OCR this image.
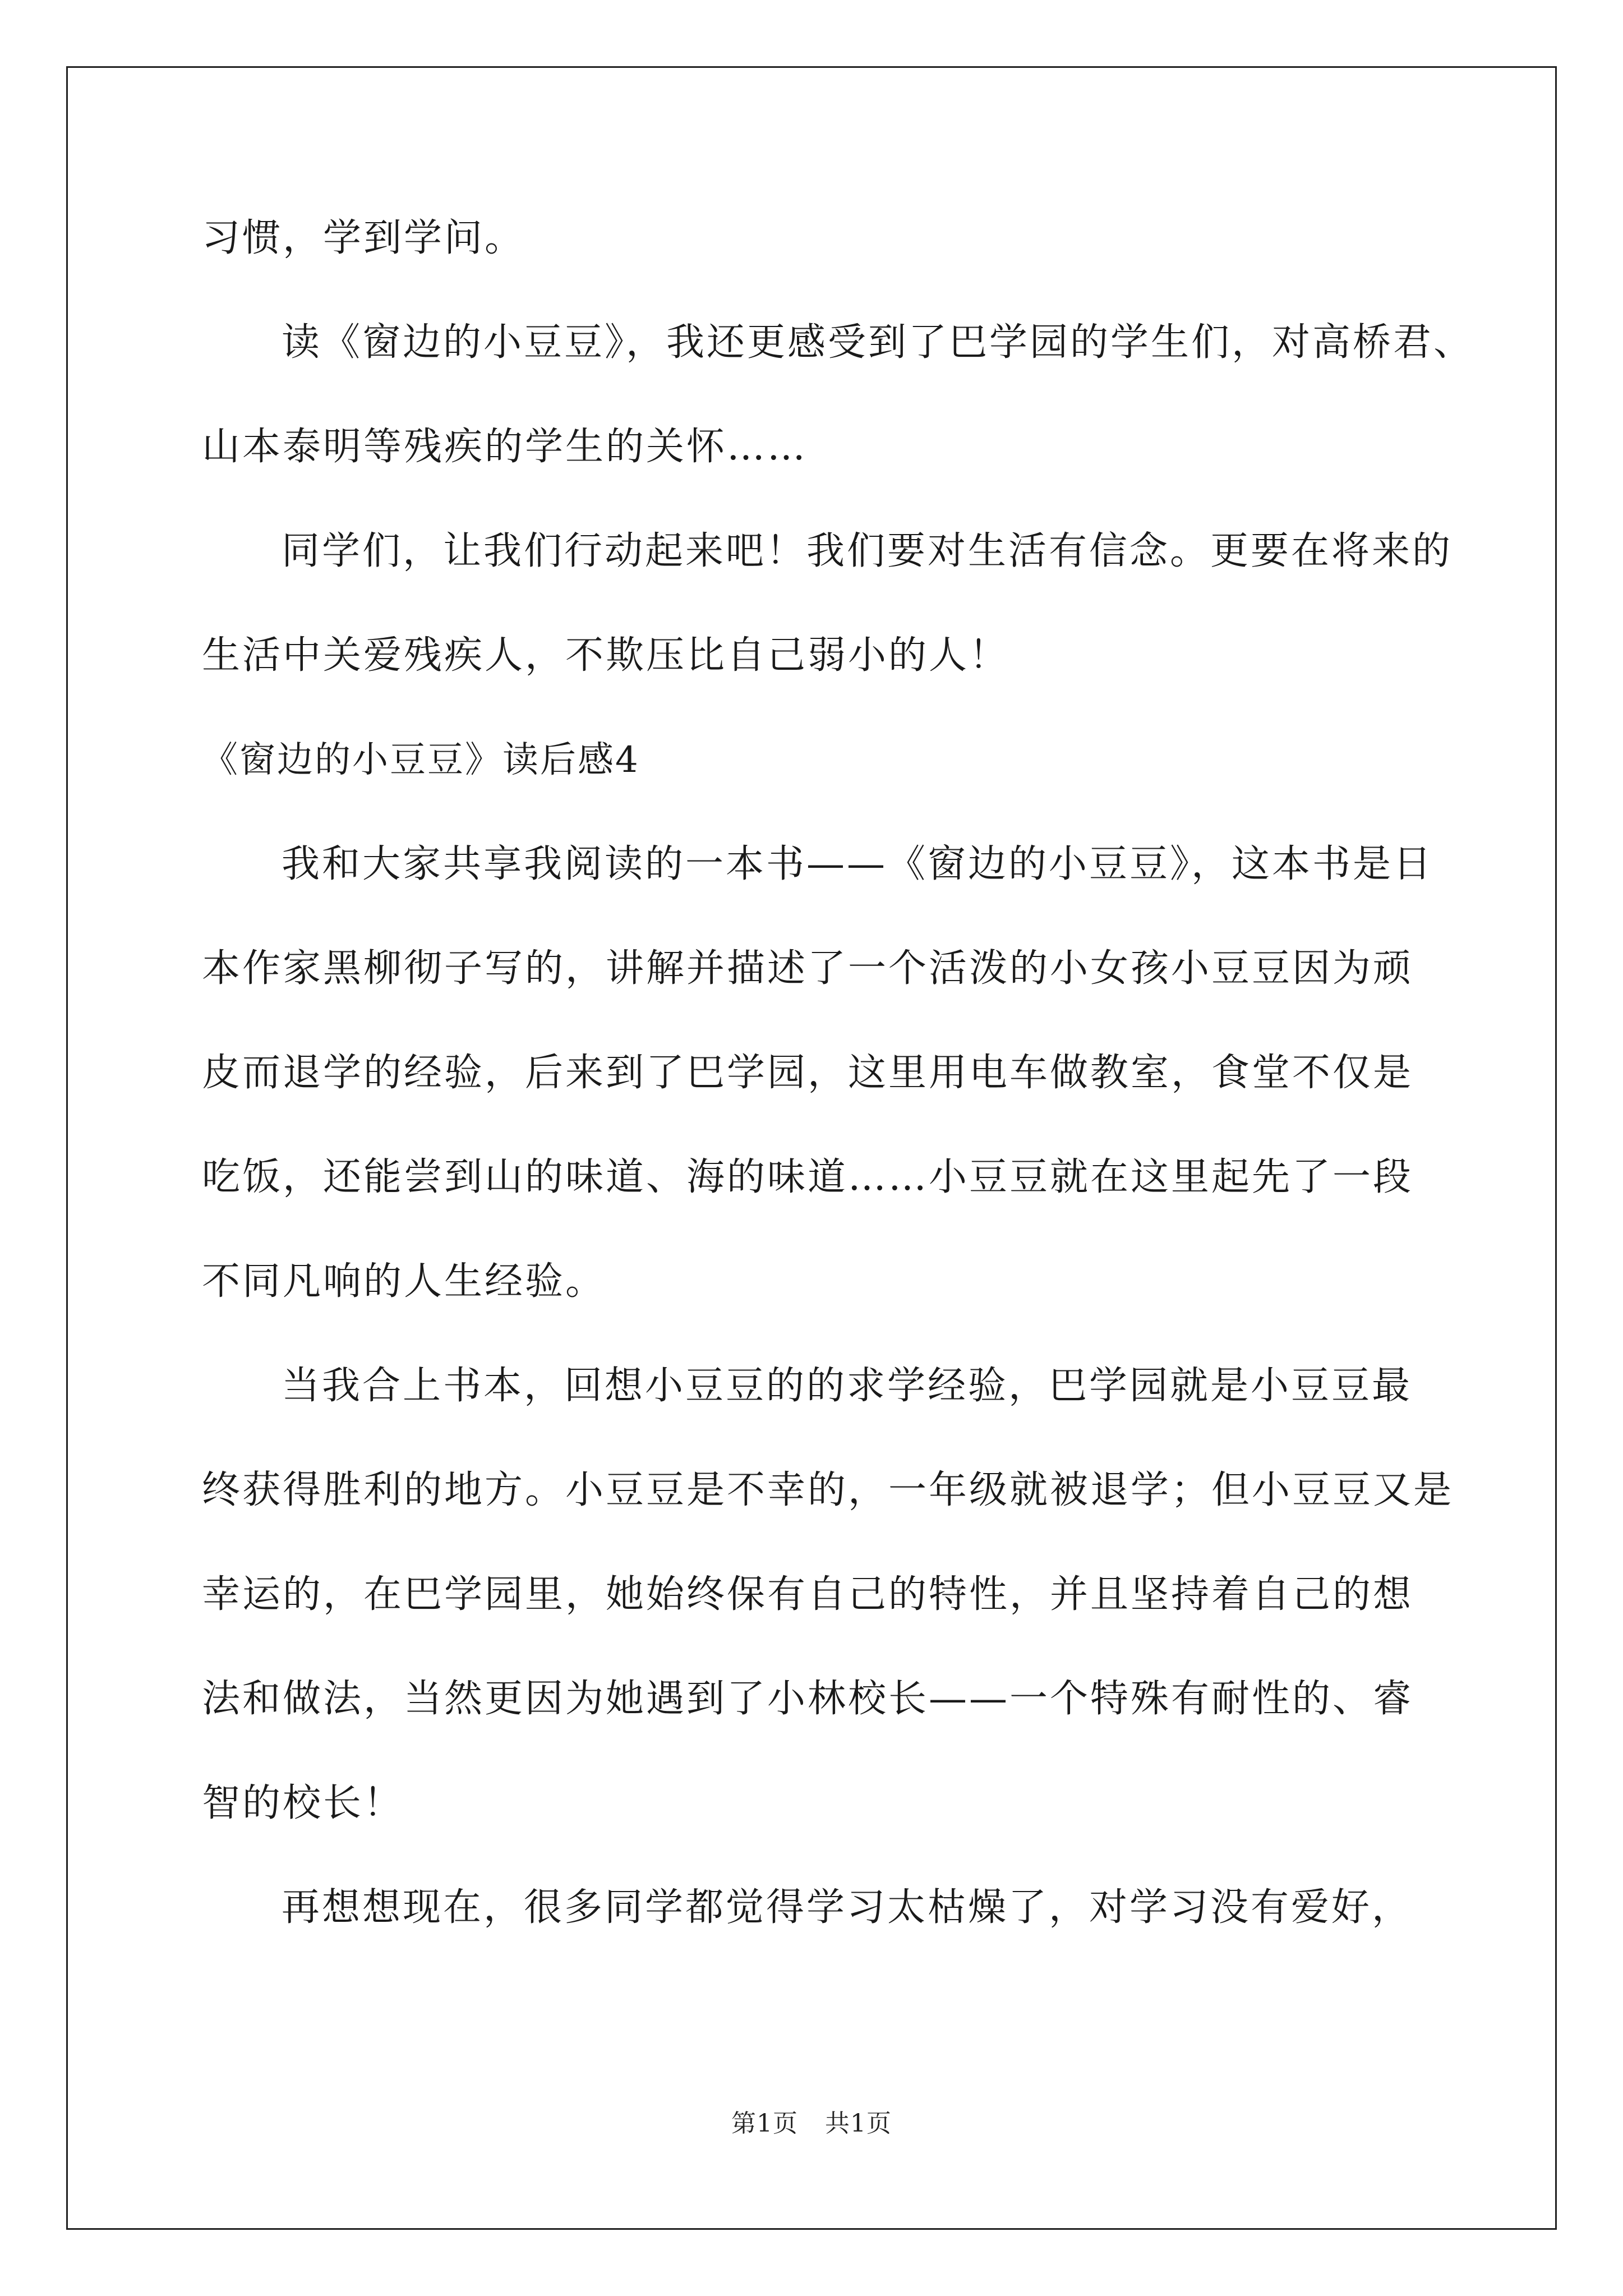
习惯，学到学问。
读《窗边的小豆豆》，我还更感受到了巴学园的学生们，对高桥君、
山本泰明等残疾的学生的关怀……
同学们，让我们行动起来吧！我们要对生活有信念。更要在将来的
生活中关爱残疾人，不欺压比自己弱小的人！
《窗边的小豆豆》读后感4
我和大家共享我阅读的一本书——《窗边的小豆豆》，这本书是日
本作家黑柳彻子写的，讲解并描述了一个活泼的小女孩小豆豆因为顽
皮而退学的经验，后来到了巴学园，这里用电车做教室，食堂不仅是
吃饭，还能尝到山的味道、海的味道……小豆豆就在这里起先了一段
不同凡响的人生经验。
当我合上书本，回想小豆豆的的求学经验，巴学园就是小豆豆最
终获得胜利的地方。小豆豆是不幸的，一年级就被退学；但小豆豆又是
幸运的，在巴学园里，她始终保有自己的特性，并且坚持着自己的想
法和做法，当然更因为她遇到了小林校长——一个特殊有耐性的、睿
智的校长！
再想想现在，很多同学都觉得学习太枯燥了，对学习没有爱好，
第1页 共1页
